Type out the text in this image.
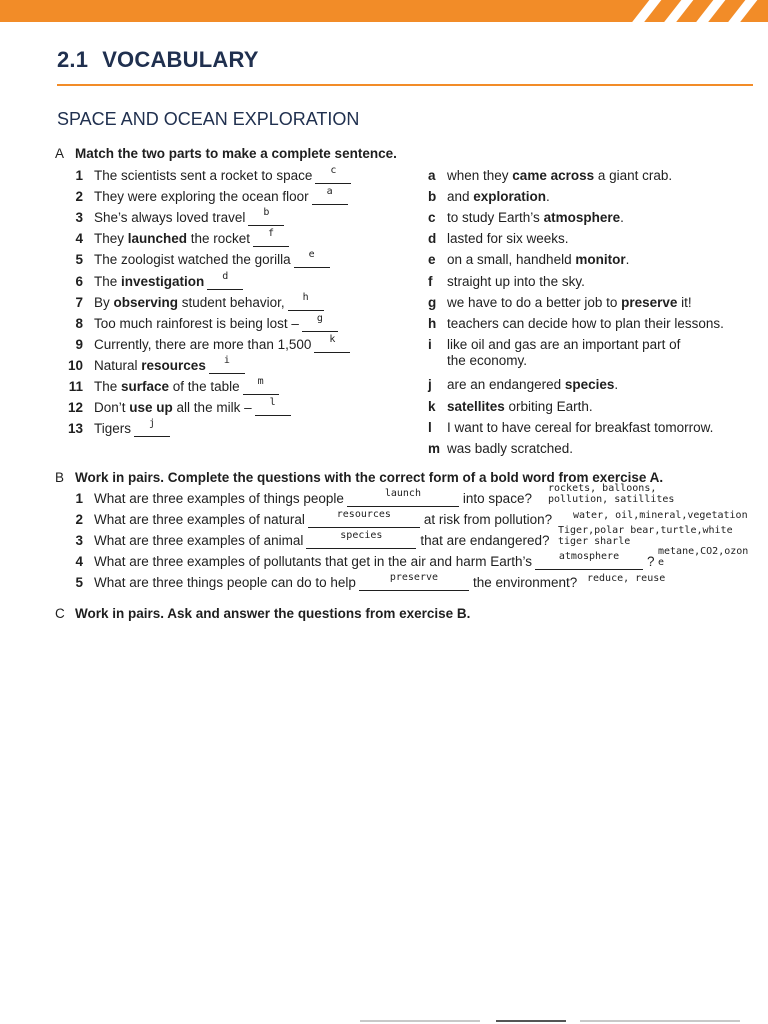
2.1 VOCABULARY
SPACE AND OCEAN EXPLORATION
A Match the two parts to make a complete sentence.
1 The scientists sent a rocket to space	c
2 They were exploring the ocean floor	a
3 She’s always loved travel	b
4 They launched the rocket	f
5 The zoologist watched the gorilla	e
6 The investigation	d
7 By observing student behavior,	h
8 Too much rainforest is being lost –	g
9 Currently, there are more than 1,500	k
10 Natural resources	i
11 The surface of the table	m
12 Don’t use up all the milk –	l
13 Tigers	j
a when they came across a giant crab.
b and exploration.
c to study Earth’s atmosphere.
d lasted for six weeks.
e on a small, handheld monitor.
f straight up into the sky.
g we have to do a better job to preserve it!
h teachers can decide how to plan their lessons.
i like oil and gas are an important part of
the economy.
j are an endangered species.
k satellites orbiting Earth.
l I want to have cereal for breakfast tomorrow.
m was badly scratched.
B Work in pairs. Complete the questions with the correct form of a bold word from exercise A.
1 What are three examples of things people	launch	into space?
rockets, balloons,
pollution, satillites
2 What are three examples of natural	resources	at risk from pollution? water, oil,mineral,vegetation
3 What are three examples of animal	species	that are endangered?
Tiger,polar bear,turtle,white
tiger sharle
4 What are three examples of pollutants that get in the air and harm Earth’s	atmosphere	?
metane,CO2,ozon
e
5 What are three things people can do to help	preserve	the environment? reduce, reuse
C Work in pairs. Ask and answer the questions from exercise B.
